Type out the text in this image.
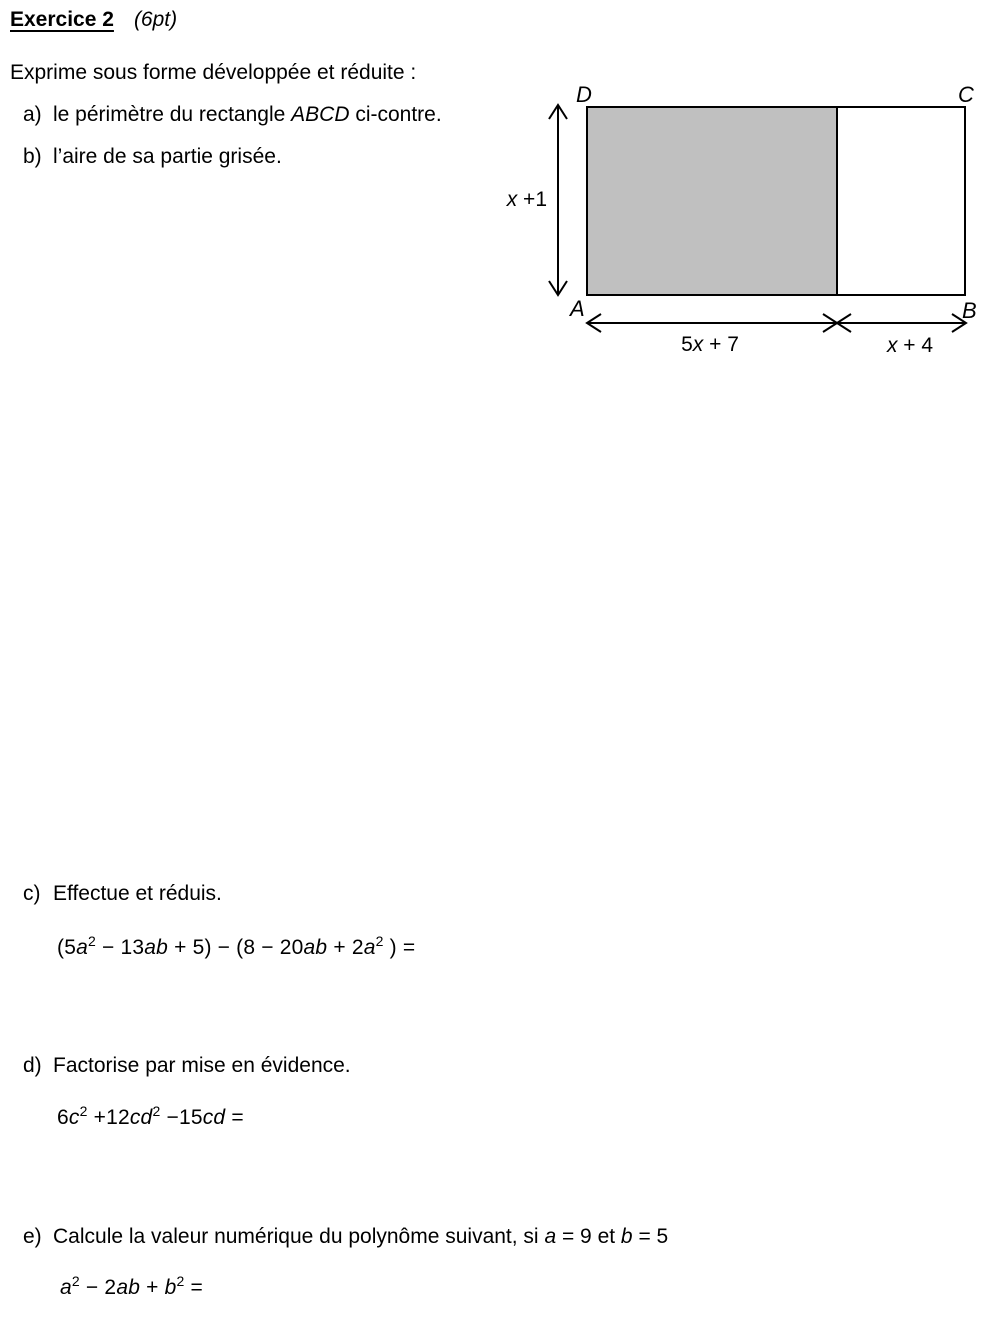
Exercice 2 (6pt)
Exprime sous forme développée et réduite :
a) le périmètre du rectangle ABCD ci-contre.
b) l’aire de sa partie grisée.
D	C
A	B
x +1
5x + 7	x + 4
c) Effectue et réduis.
$(5a^2 - 13ab + 5) - (8 - 20ab + 2a^2$ ) =
d) Factorise par mise en évidence.
$6c^2 +12cd^2 -15cd$ =
e) Calcule la valeur numérique du polynôme suivant, si a = 9 et b = 5
$a^2 - 2ab + b^2$ =
